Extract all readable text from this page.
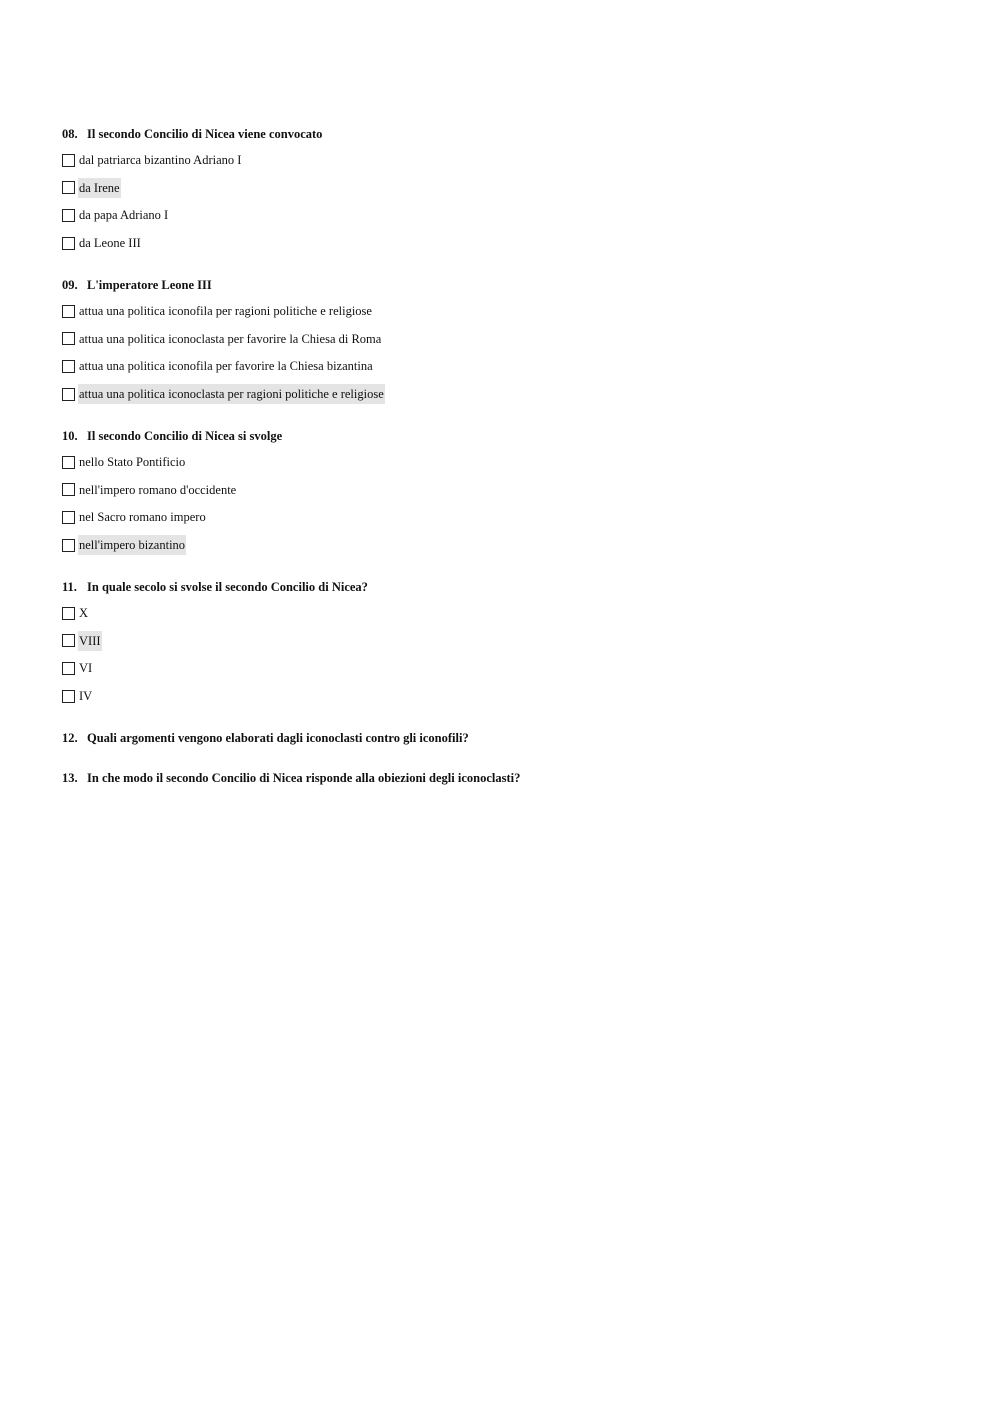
08. Il secondo Concilio di Nicea viene convocato
dal patriarca bizantino Adriano I
da Irene
da papa Adriano I
da Leone III
09. L'imperatore Leone III
attua una politica iconofila per ragioni politiche e religiose
attua una politica iconoclasta per favorire la Chiesa di Roma
attua una politica iconofila per favorire la Chiesa bizantina
attua una politica iconoclasta per ragioni politiche e religiose
10. Il secondo Concilio di Nicea si svolge
nello Stato Pontificio
nell'impero romano d'occidente
nel Sacro romano impero
nell'impero bizantino
11. In quale secolo si svolse il secondo Concilio di Nicea?
X
VIII
VI
IV
12. Quali argomenti vengono elaborati dagli iconoclasti contro gli iconofili?
13. In che modo il secondo Concilio di Nicea risponde alla obiezioni degli iconoclasti?
